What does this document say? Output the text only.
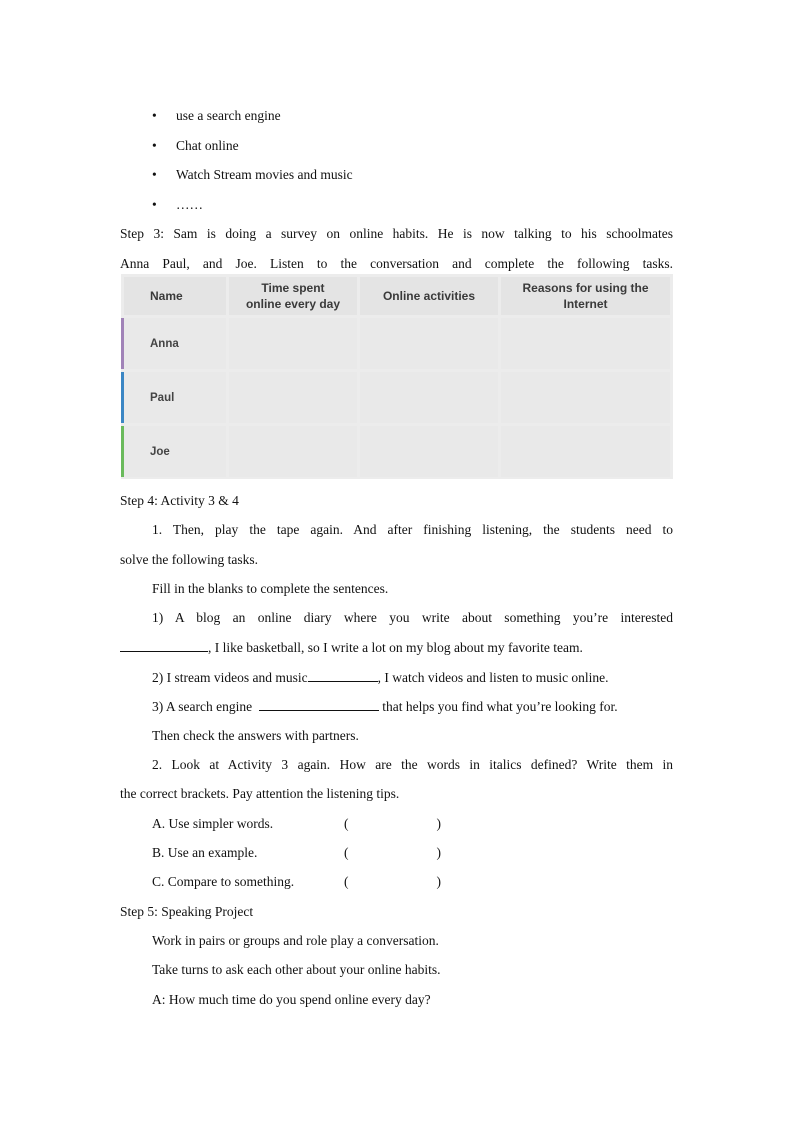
• use a search engine
• Chat online
• Watch Stream movies and music
• ……
Step 3: Sam is doing a survey on online habits. He is now talking to his schoolmates
Anna Paul, and Joe. Listen to the conversation and complete the following tasks.
Name	Time spent online every day	Online activities	Reasons for using the Internet

Anna			

Paul			

Joe			
Step 4: Activity 3 & 4
1. Then, play the tape again. And after finishing listening, the students need to
solve the following tasks.
Fill in the blanks to complete the sentences.
1) A blog an online diary where you write about something you’re interested
, I like basketball, so I write a lot on my blog about my favorite team.
2) I stream videos and music	, I watch videos and listen to music online.
3) A search engine	that helps you find what you’re looking for.
Then check the answers with partners.
2. Look at Activity 3 again. How are the words in italics defined? Write them in
the correct brackets. Pay attention the listening tips.
A. Use simpler words.	(	)
B. Use an example.	(	)
C. Compare to something.	(	)
Step 5: Speaking Project
Work in pairs or groups and role play a conversation.
Take turns to ask each other about your online habits.
A: How much time do you spend online every day?
